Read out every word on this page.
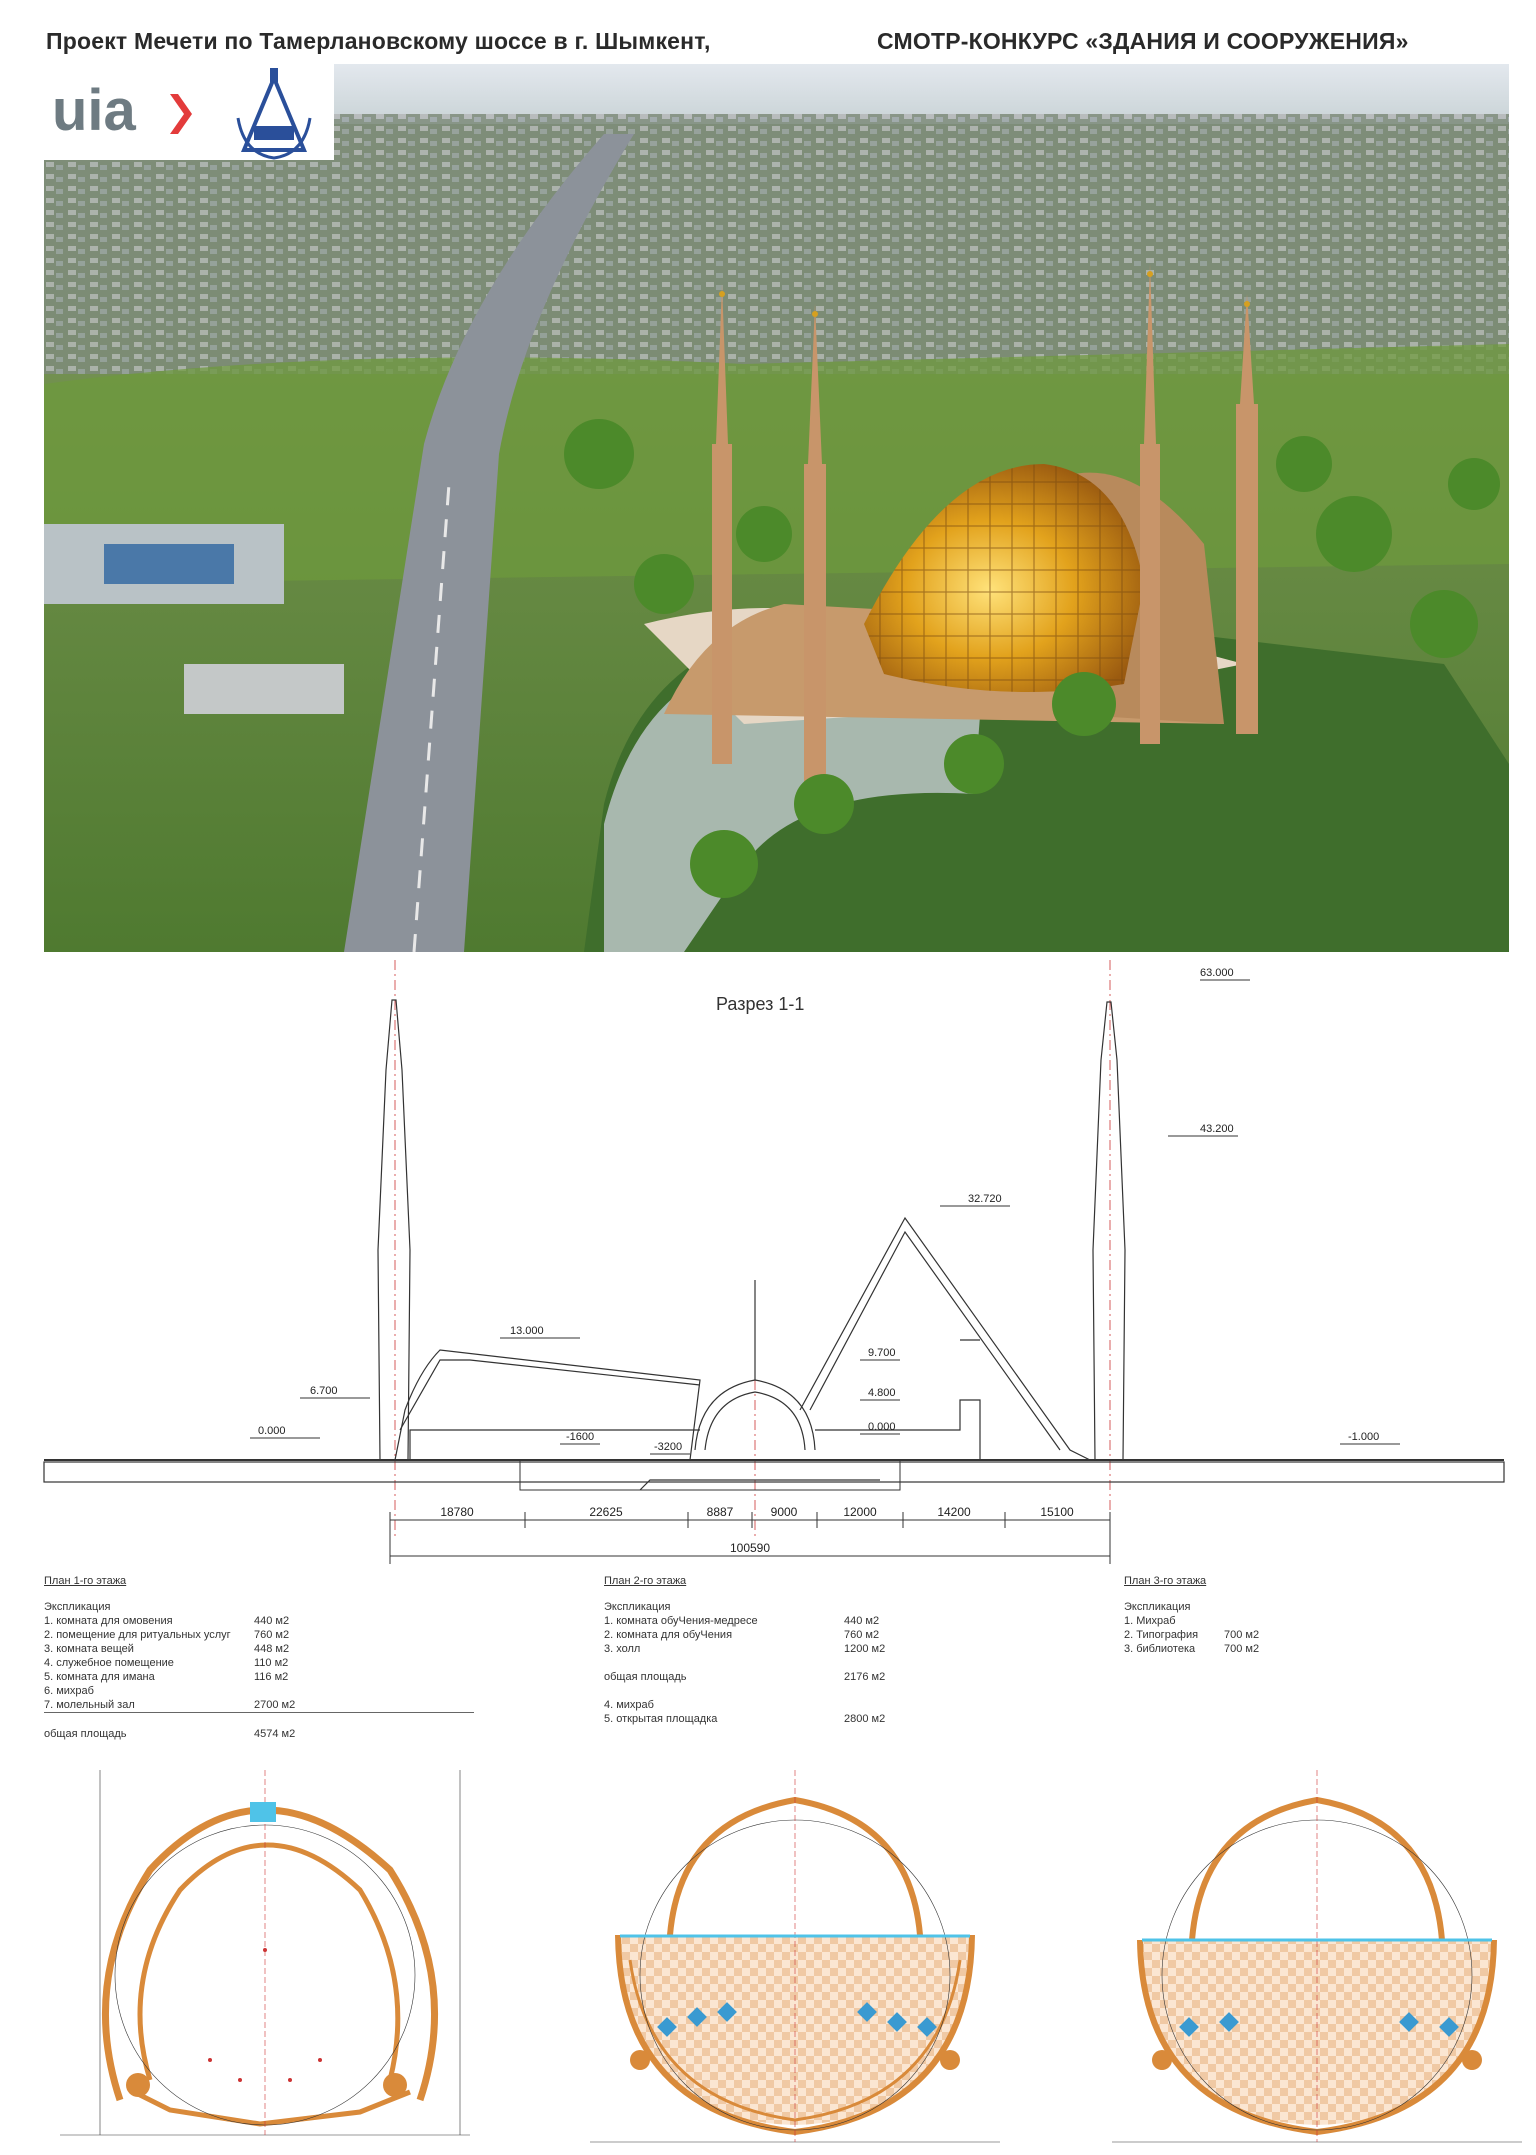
Проект Мечети по Тамерлановскому шоссе в г. Шымкент,	СМОТР-КОНКУРС «ЗДАНИЯ И СООРУЖЕНИЯ»
uia
Разрез 1-1
63.000
43.200
32.720
13.000
9.700
6.700	4.800
0.000	0.000
-1600
-3200
-1.000
18780	22625	8887	9000	12000	14200	15100
100590
План 1-го этажа
Экспликация
1. комната для омовения	440 м2
2. помещение для ритуальных услуг	760 м2
3. комната вещей	448 м2
4. служебное помещение	110 м2
5. комната для имана	116 м2
6. михраб
7. молельный зал	2700 м2
общая площадь	4574 м2
План 2-го этажа
Экспликация
1. комната обуЧения-медресе	440 м2
2. комната для обуЧения	760 м2
3. холл	1200 м2
общая площадь	2176 м2
4. михраб
5. открытая площадка	2800 м2
План 3-го этажа
Экспликация
1. Михраб
2. Типография	700 м2
3. библиотека	700 м2
